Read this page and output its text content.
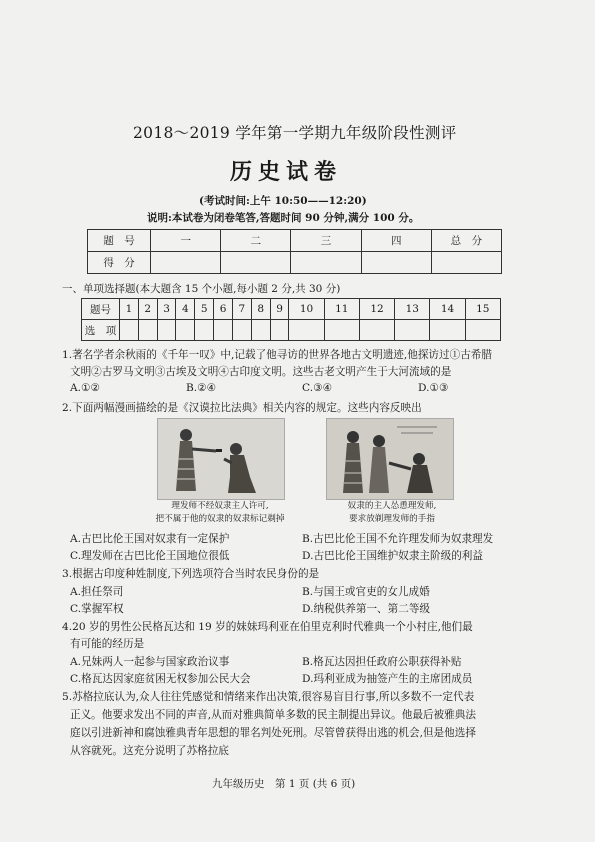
2018～2019 学年第一学期九年级阶段性测评
历史试卷
(考试时间:上午 10:50——12:20)
说明:本试卷为闭卷笔答,答题时间 90 分钟,满分 100 分。
题　号	一	二	三	四	总　分
得　分					
一、单项选择题(本大题含 15 个小题,每小题 2 分,共 30 分)
题号	1	2	3	4	5	6	7	8	9	10	11	12	13	14	15
选　项															
1.著名学者余秋雨的《千年一叹》中,记载了他寻访的世界各地古文明遗迹,他探访过①古希腊
文明②古罗马文明③古埃及文明④古印度文明。这些古老文明产生于大河流域的是
A.①②	B.②④	C.③④	D.①③
2.下面两幅漫画描绘的是《汉谟拉比法典》相关内容的规定。这些内容反映出
理发师不经奴隶主人许可,
把不属于他的奴隶的奴隶标记剃掉
奴隶的主人怂恿理发师,
要求放剃理发师的手指
A.古巴比伦王国对奴隶有一定保护	B.古巴比伦王国不允许理发师为奴隶理发
C.理发师在古巴比伦王国地位很低	D.古巴比伦王国维护奴隶主阶级的利益
3.根据古印度种姓制度,下列选项符合当时农民身份的是
A.担任祭司	B.与国王或官吏的女儿成婚
C.掌握军权	D.纳税供养第一、第二等级
4.20 岁的男性公民格瓦达和 19 岁的妹妹玛利亚在伯里克利时代雅典一个小村庄,他们最
有可能的经历是
A.兄妹两人一起参与国家政治议事	B.格瓦达因担任政府公职获得补贴
C.格瓦达因家庭贫困无权参加公民大会	D.玛利亚成为抽签产生的主席团成员
5.苏格拉底认为,众人往往凭感觉和情绪来作出决策,很容易盲目行事,所以多数不一定代表
正义。他要求发出不同的声音,从而对雅典简单多数的民主制提出异议。他最后被雅典法
庭以引进新神和腐蚀雅典青年思想的罪名判处死刑。尽管曾获得出逃的机会,但是他选择
从容就死。这充分说明了苏格拉底
九年级历史　第 1 页 (共 6 页)
